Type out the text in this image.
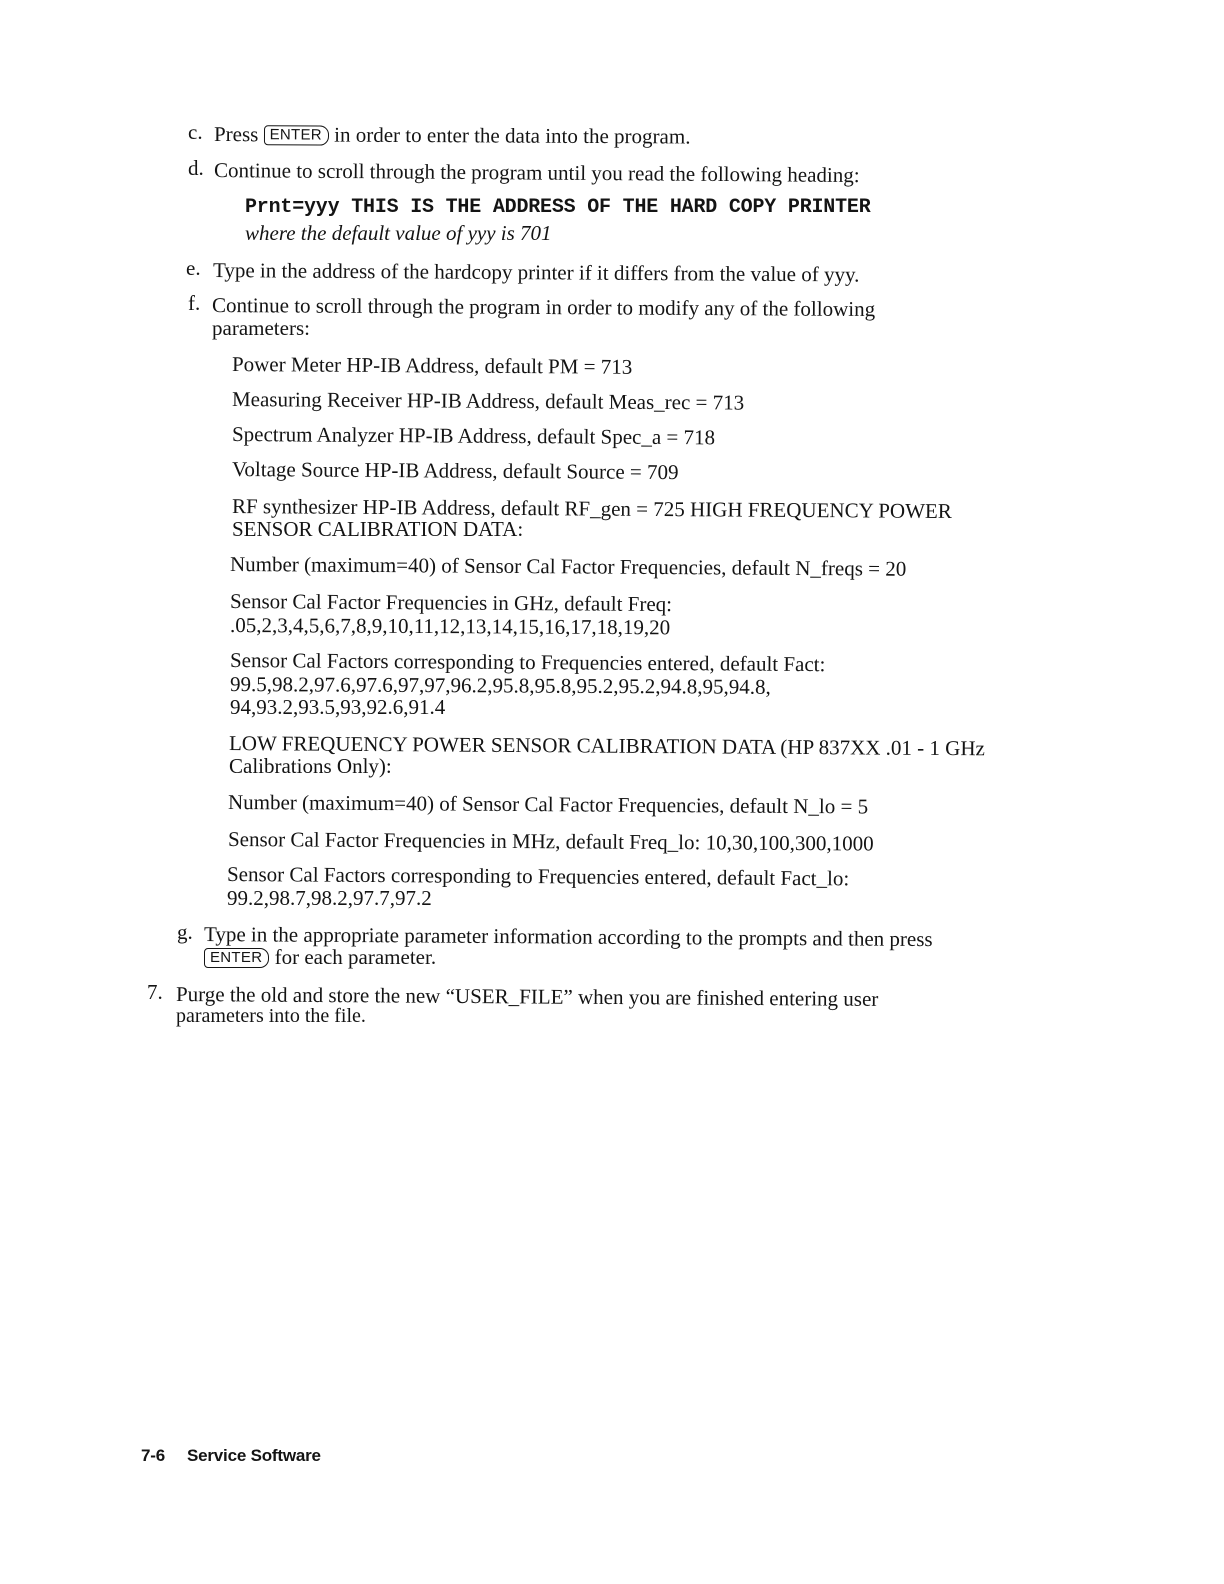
c. Press ENTER in order to enter the data into the program.
d. Continue to scroll through the program until you read the following heading:
Prnt=yyy THIS IS THE ADDRESS OF THE HARD COPY PRINTER
where the default value of yyy is 701
e. Type in the address of the hardcopy printer if it differs from the value of yyy.
f. Continue to scroll through the program in order to modify any of the following
parameters:
Power Meter HP-IB Address, default PM = 713
Measuring Receiver HP-IB Address, default Meas_rec = 713
Spectrum Analyzer HP-IB Address, default Spec_a = 718
Voltage Source HP-IB Address, default Source = 709
RF synthesizer HP-IB Address, default RF_gen = 725 HIGH FREQUENCY POWER
SENSOR CALIBRATION DATA:
Number (maximum=40) of Sensor Cal Factor Frequencies, default N_freqs = 20
Sensor Cal Factor Frequencies in GHz, default Freq:
.05,2,3,4,5,6,7,8,9,10,11,12,13,14,15,16,17,18,19,20
Sensor Cal Factors corresponding to Frequencies entered, default Fact:
99.5,98.2,97.6,97.6,97,97,96.2,95.8,95.8,95.2,95.2,94.8,95,94.8,
94,93.2,93.5,93,92.6,91.4
LOW FREQUENCY POWER SENSOR CALIBRATION DATA (HP 837XX .01 - 1 GHz
Calibrations Only):
Number (maximum=40) of Sensor Cal Factor Frequencies, default N_lo = 5
Sensor Cal Factor Frequencies in MHz, default Freq_lo: 10,30,100,300,1000
Sensor Cal Factors corresponding to Frequencies entered, default Fact_lo:
99.2,98.7,98.2,97.7,97.2
g. Type in the appropriate parameter information according to the prompts and then press
ENTER for each parameter.
7. Purge the old and store the new “USER_FILE” when you are finished entering user
parameters into the file.
7-6 Service Software
